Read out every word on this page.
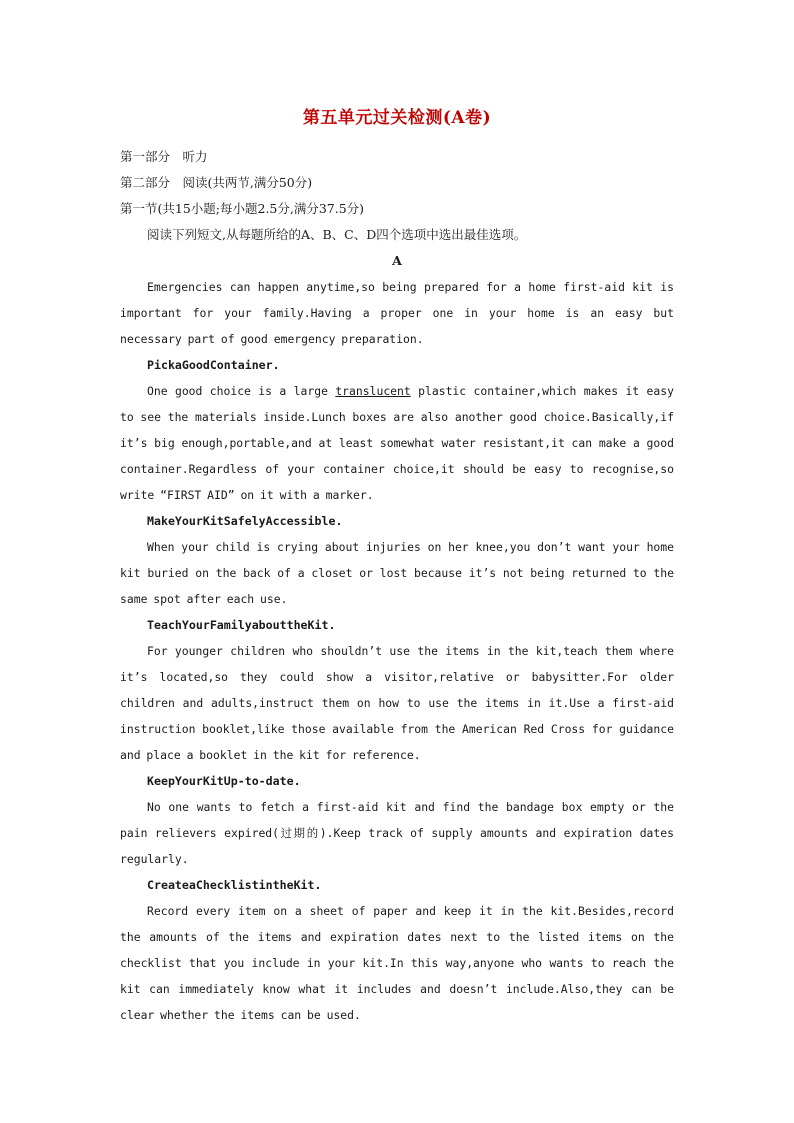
第五单元过关检测(A卷)

第一部分　听力

第二部分　阅读(共两节,满分50分)

第一节(共15小题;每小题2.5分,满分37.5分)

阅读下列短文,从每题所给的A、B、C、D四个选项中选出最佳选项。

A

Emergencies can happen anytime,so being prepared for a home first-aid kit is important for your family.Having a proper one in your home is an easy but necessary part of good emergency preparation.

PickaGoodContainer.

One good choice is a large translucent plastic container,which makes it easy to see the materials inside.Lunch boxes are also another good choice.Basically,if it’s big enough,portable,and at least somewhat water resistant,it can make a good container.Regardless of your container choice,it should be easy to recognise,so write “FIRST AID” on it with a marker.

MakeYourKitSafelyAccessible.

When your child is crying about injuries on her knee,you don’t want your home kit buried on the back of a closet or lost because it’s not being returned to the same spot after each use.

TeachYourFamilyabouttheKit.

For younger children who shouldn’t use the items in the kit,teach them where it’s located,so they could show a visitor,relative or babysitter.For older children and adults,instruct them on how to use the items in it.Use a first-aid instruction booklet,like those available from the American Red Cross for guidance and place a booklet in the kit for reference.

KeepYourKitUp-to-date.

No one wants to fetch a first-aid kit and find the bandage box empty or the pain relievers expired(过期的).Keep track of supply amounts and expiration dates regularly.

CreateaChecklistintheKit.

Record every item on a sheet of paper and keep it in the kit.Besides,record the amounts of the items and expiration dates next to the listed items on the checklist that you include in your kit.In this way,anyone who wants to reach the kit can immediately know what it includes and doesn’t include.Also,they can be clear whether the items can be used.
